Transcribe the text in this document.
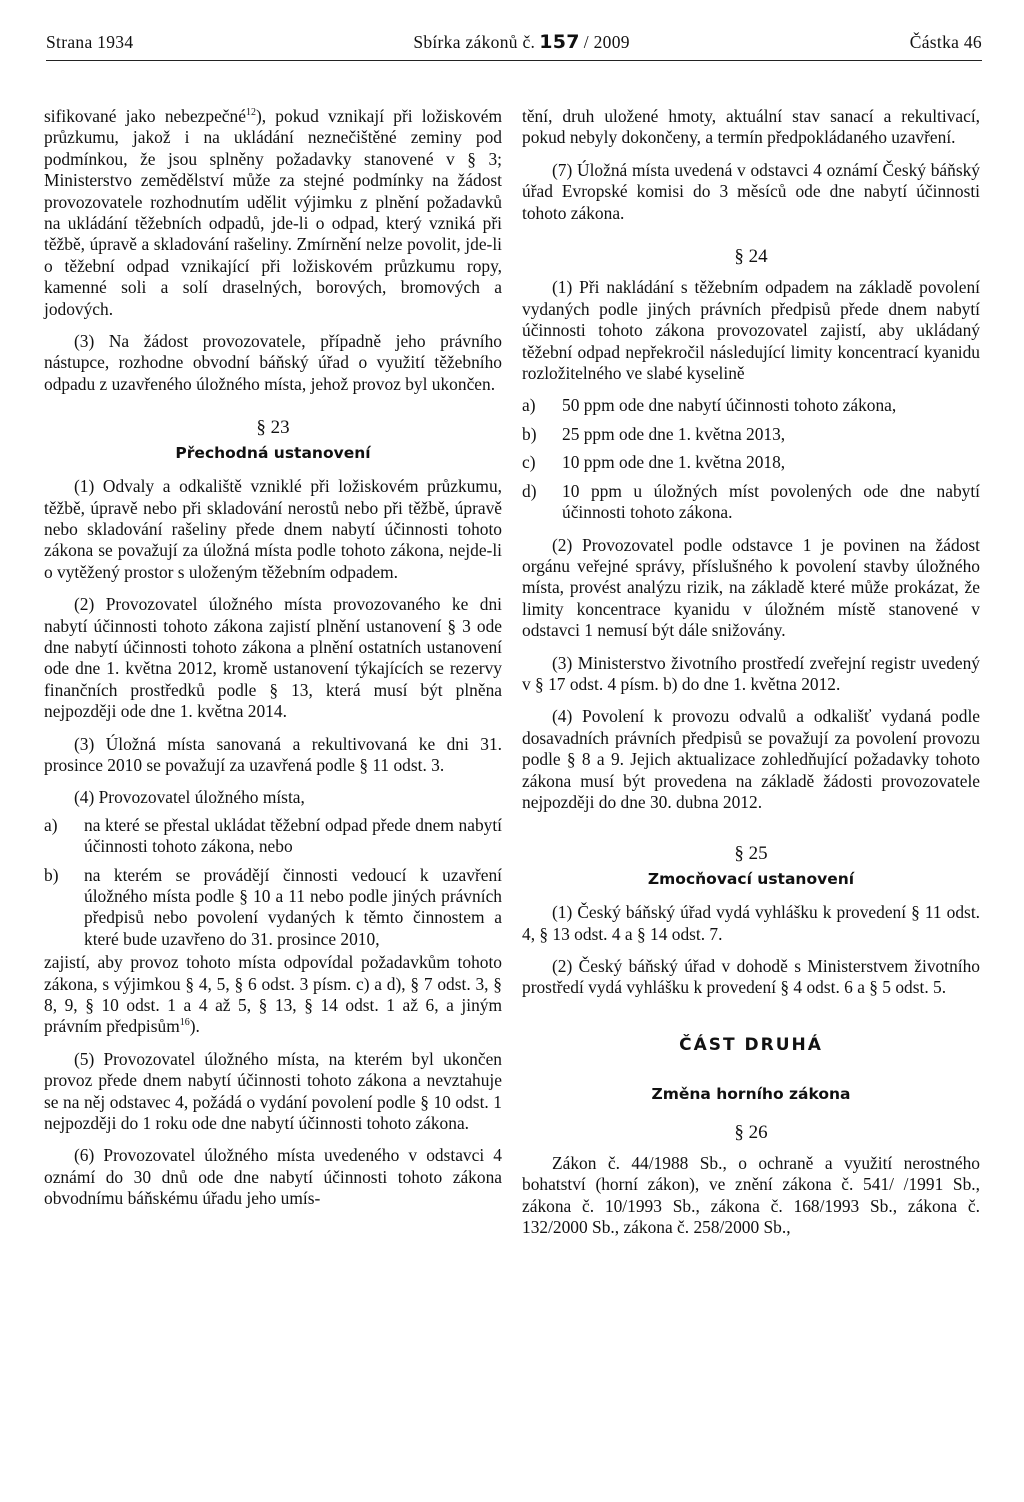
Strana 1934	Sbírka zákonů č. 157 / 2009	Částka 46

sifikované jako nebezpečné$^{12}$), pokud vznikají při ložiskovém průzkumu, jakož i na ukládání neznečištěné zeminy pod podmínkou, že jsou splněny požadavky stanovené v § 3; Ministerstvo zemědělství může za stejné podmínky na žádost provozovatele rozhodnutím udělit výjimku z plnění požadavků na ukládání těžebních odpadů, jde-li o odpad, který vzniká při těžbě, úpravě a skladování rašeliny. Zmírnění nelze povolit, jde-li o těžební odpad vznikající při ložiskovém průzkumu ropy, kamenné soli a solí draselných, borových, bromových a jodových.

(3) Na žádost provozovatele, případně jeho právního nástupce, rozhodne obvodní báňský úřad o využití těžebního odpadu z uzavřeného úložného místa, jehož provoz byl ukončen.

§ 23
Přechodná ustanovení

(1) Odvaly a odkaliště vzniklé při ložiskovém průzkumu, těžbě, úpravě nebo při skladování nerostů nebo při těžbě, úpravě nebo skladování rašeliny přede dnem nabytí účinnosti tohoto zákona se považují za úložná místa podle tohoto zákona, nejde-li o vytěžený prostor s uloženým těžebním odpadem.

(2) Provozovatel úložného místa provozovaného ke dni nabytí účinnosti tohoto zákona zajistí plnění ustanovení § 3 ode dne nabytí účinnosti tohoto zákona a plnění ostatních ustanovení ode dne 1. května 2012, kromě ustanovení týkajících se rezervy finančních prostředků podle § 13, která musí být plněna nejpozději ode dne 1. května 2014.

(3) Úložná místa sanovaná a rekultivovaná ke dni 31. prosince 2010 se považují za uzavřená podle § 11 odst. 3.

(4) Provozovatel úložného místa,

a)	na které se přestal ukládat těžební odpad přede dnem nabytí účinnosti tohoto zákona, nebo
b)	na kterém se provádějí činnosti vedoucí k uzavření úložného místa podle § 10 a 11 nebo podle jiných právních předpisů nebo povolení vydaných k těmto činnostem a které bude uzavřeno do 31. prosince 2010,

zajistí, aby provoz tohoto místa odpovídal požadavkům tohoto zákona, s výjimkou § 4, 5, § 6 odst. 3 písm. c) a d), § 7 odst. 3, § 8, 9, § 10 odst. 1 a 4 až 5, § 13, § 14 odst. 1 až 6, a jiným právním předpisům$^{16}$).

(5) Provozovatel úložného místa, na kterém byl ukončen provoz přede dnem nabytí účinnosti tohoto zákona a nevztahuje se na něj odstavec 4, požádá o vydání povolení podle § 10 odst. 1 nejpozději do 1 roku ode dne nabytí účinnosti tohoto zákona.

(6) Provozovatel úložného místa uvedeného v odstavci 4 oznámí do 30 dnů ode dne nabytí účinnosti tohoto zákona obvodnímu báňskému úřadu jeho umís-

tění, druh uložené hmoty, aktuální stav sanací a rekultivací, pokud nebyly dokončeny, a termín předpokládaného uzavření.

(7) Úložná místa uvedená v odstavci 4 oznámí Český báňský úřad Evropské komisi do 3 měsíců ode dne nabytí účinnosti tohoto zákona.

§ 24

(1) Při nakládání s těžebním odpadem na základě povolení vydaných podle jiných právních předpisů přede dnem nabytí účinnosti tohoto zákona provozovatel zajistí, aby ukládaný těžební odpad nepřekročil následující limity koncentrací kyanidu rozložitelného ve slabé kyselině

a)	50 ppm ode dne nabytí účinnosti tohoto zákona,
b)	25 ppm ode dne 1. května 2013,
c)	10 ppm ode dne 1. května 2018,
d)	10 ppm u úložných míst povolených ode dne nabytí účinnosti tohoto zákona.

(2) Provozovatel podle odstavce 1 je povinen na žádost orgánu veřejné správy, příslušného k povolení stavby úložného místa, provést analýzu rizik, na základě které může prokázat, že limity koncentrace kyanidu v úložném místě stanovené v odstavci 1 nemusí být dále snižovány.

(3) Ministerstvo životního prostředí zveřejní registr uvedený v § 17 odst. 4 písm. b) do dne 1. května 2012.

(4) Povolení k provozu odvalů a odkališť vydaná podle dosavadních právních předpisů se považují za povolení provozu podle § 8 a 9. Jejich aktualizace zohledňující požadavky tohoto zákona musí být provedena na základě žádosti provozovatele nejpozději do dne 30. dubna 2012.

§ 25
Zmocňovací ustanovení

(1) Český báňský úřad vydá vyhlášku k provedení § 11 odst. 4, § 13 odst. 4 a § 14 odst. 7.

(2) Český báňský úřad v dohodě s Ministerstvem životního prostředí vydá vyhlášku k provedení § 4 odst. 6 a § 5 odst. 5.

ČÁST DRUHÁ
Změna horního zákona
§ 26

Zákon č. 44/1988 Sb., o ochraně a využití nerostného bohatství (horní zákon), ve znění zákona č. 541/ /1991 Sb., zákona č. 10/1993 Sb., zákona č. 168/1993 Sb., zákona č. 132/2000 Sb., zákona č. 258/2000 Sb.,
